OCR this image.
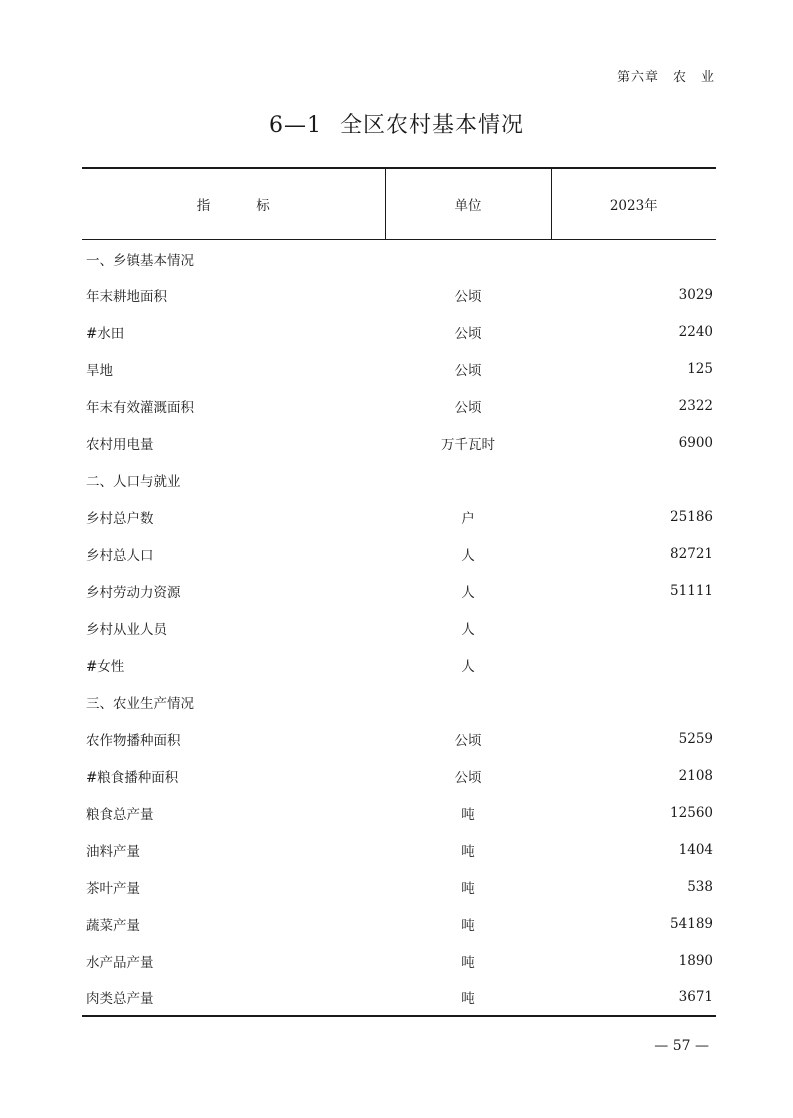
第六章　农　业
6—1 全区农村基本情况
指 标	单位	2023年
一、乡镇基本情况		
年末耕地面积	公顷	3029
#水田	公顷	2240
旱地	公顷	125
年末有效灌溉面积	公顷	2322
农村用电量	万千瓦时	6900
二、人口与就业		
乡村总户数	户	25186
乡村总人口	人	82721
乡村劳动力资源	人	51111
乡村从业人员	人	
#女性	人	
三、农业生产情况		
农作物播种面积	公顷	5259
#粮食播种面积	公顷	2108
粮食总产量	吨	12560
油料产量	吨	1404
茶叶产量	吨	538
蔬菜产量	吨	54189
水产品产量	吨	1890
肉类总产量	吨	3671
— 57 —
